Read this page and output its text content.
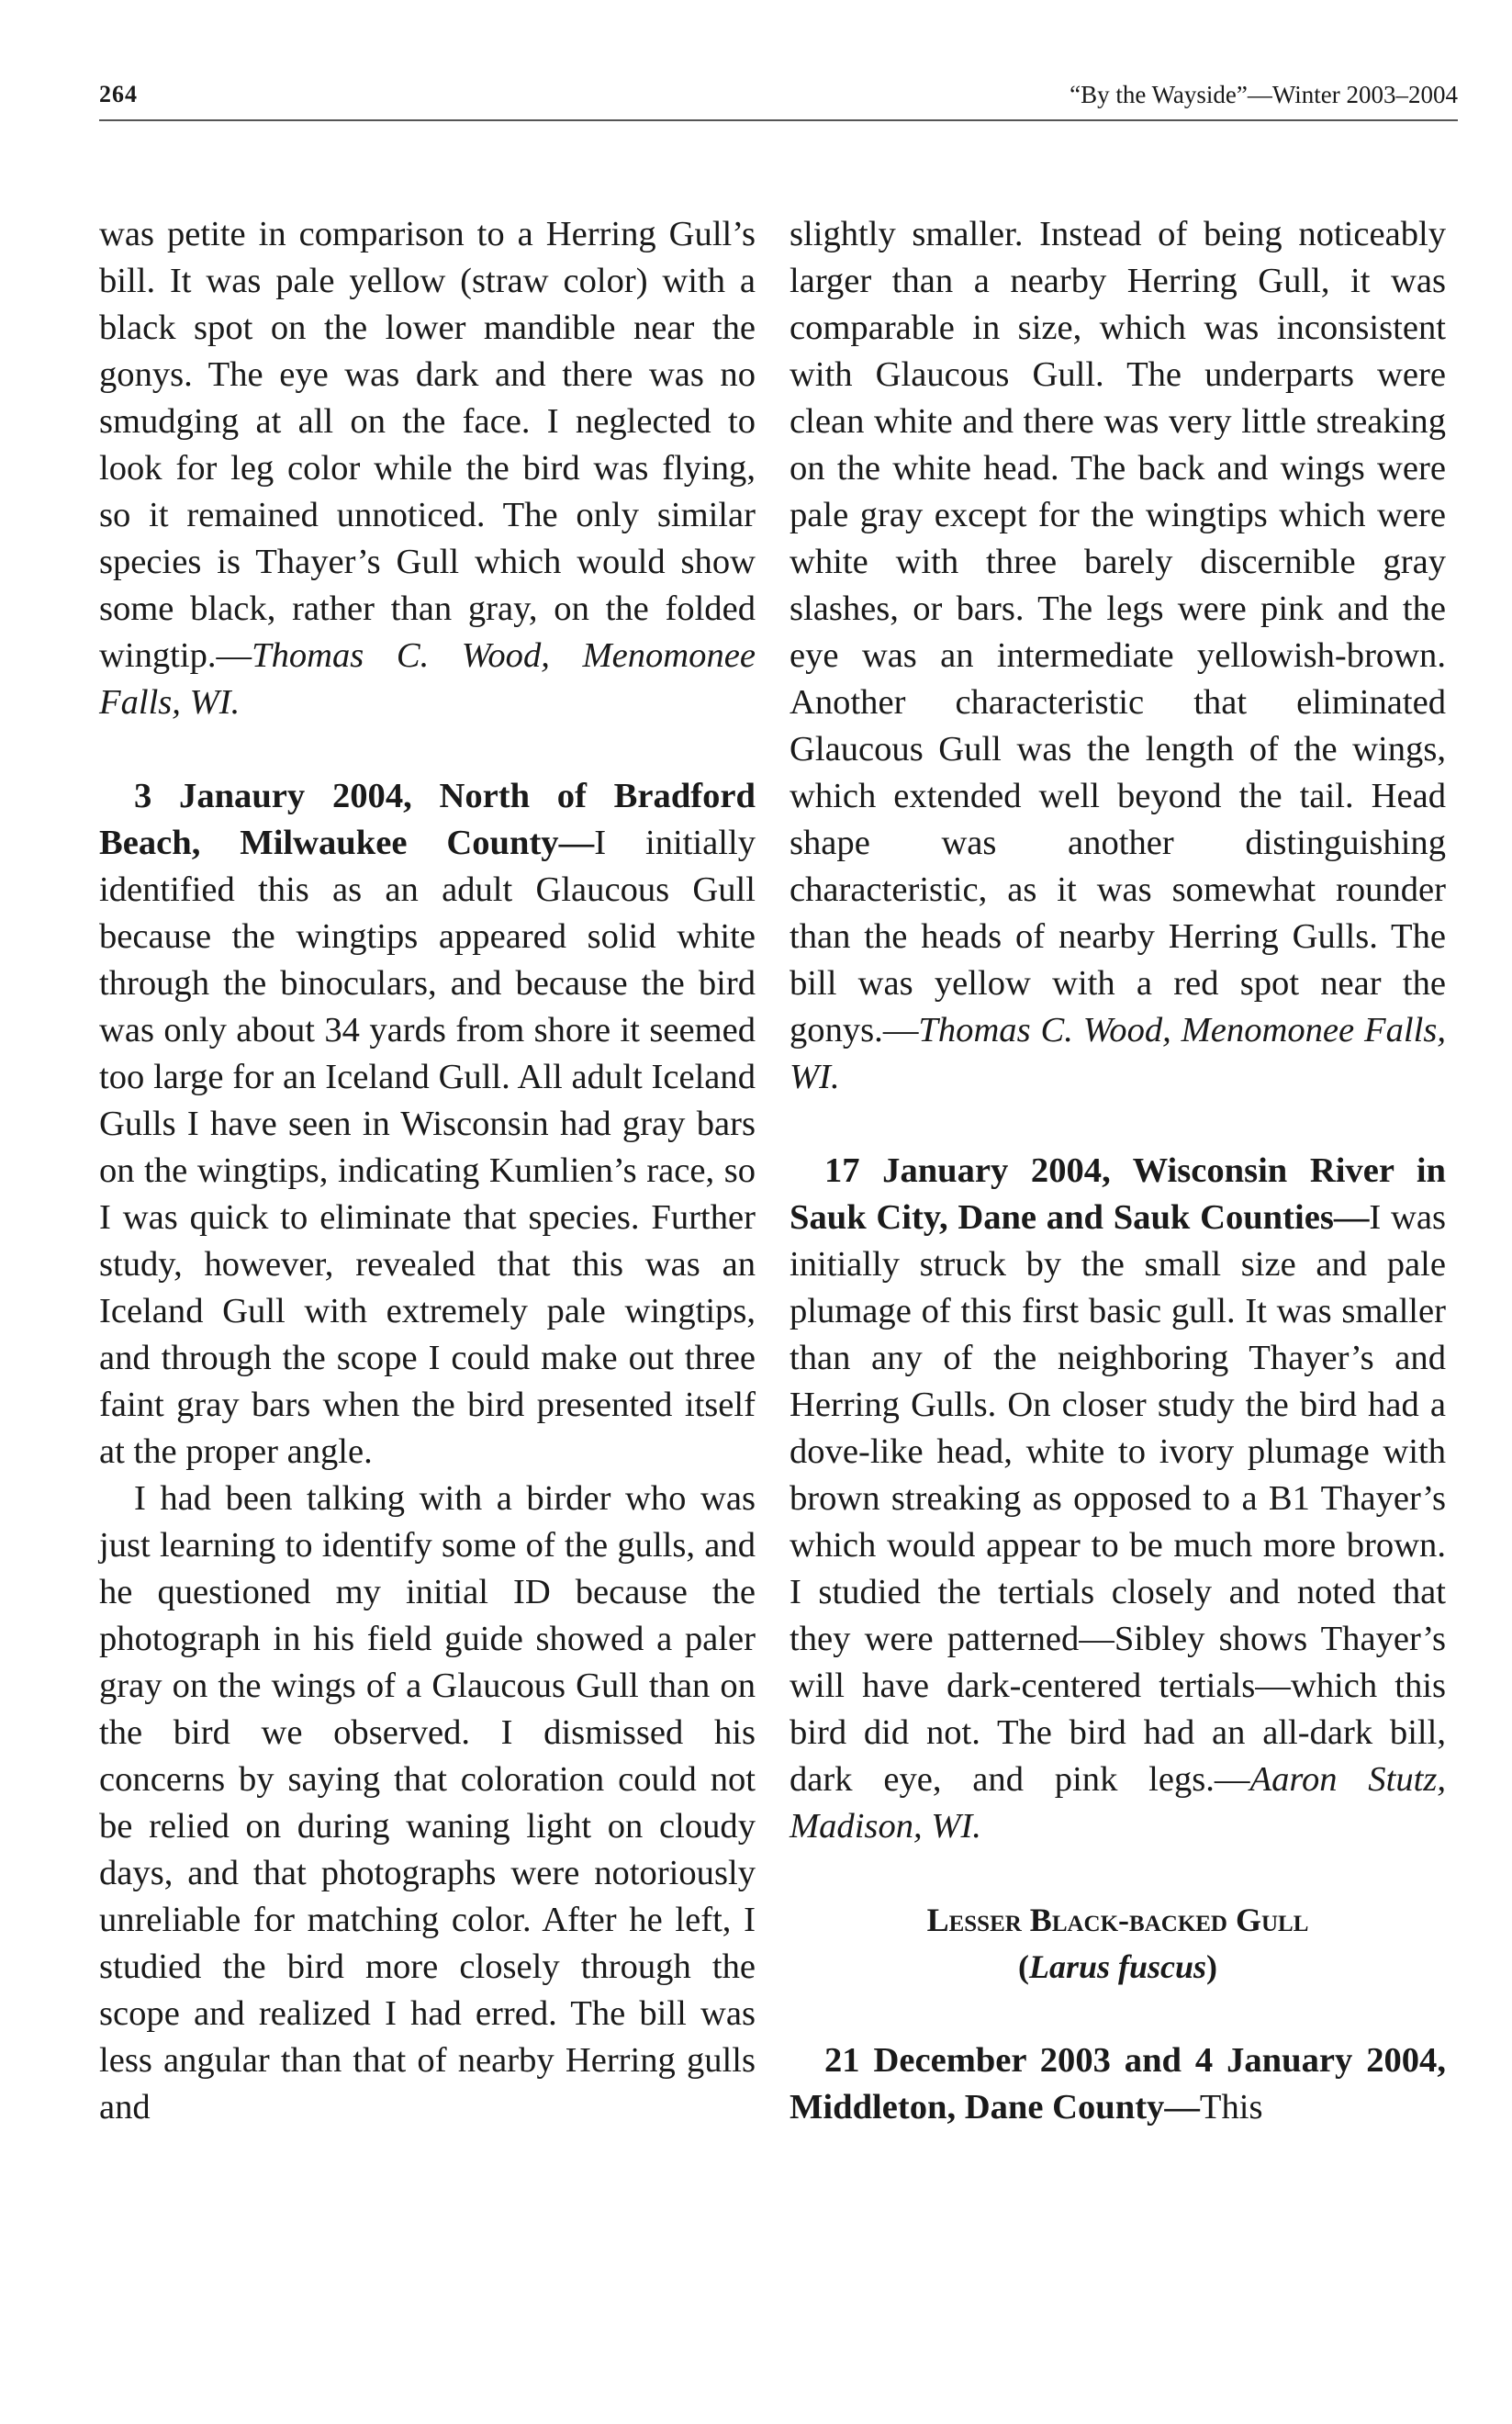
264	“By the Wayside”—Winter 2003–2004

was petite in comparison to a Herring Gull’s bill. It was pale yellow (straw color) with a black spot on the lower mandible near the gonys. The eye was dark and there was no smudging at all on the face. I neglected to look for leg color while the bird was flying, so it remained unnoticed. The only similar species is Thayer’s Gull which would show some black, rather than gray, on the folded wingtip.—Thomas C. Wood, Menomonee Falls, WI.

3 Janaury 2004, North of Bradford Beach, Milwaukee County—I initially identified this as an adult Glaucous Gull because the wingtips appeared solid white through the binoculars, and because the bird was only about 34 yards from shore it seemed too large for an Iceland Gull. All adult Iceland Gulls I have seen in Wisconsin had gray bars on the wingtips, indicating Kumlien’s race, so I was quick to eliminate that species. Further study, however, revealed that this was an Iceland Gull with extremely pale wingtips, and through the scope I could make out three faint gray bars when the bird presented itself at the proper angle.

I had been talking with a birder who was just learning to identify some of the gulls, and he questioned my initial ID because the photograph in his field guide showed a paler gray on the wings of a Glaucous Gull than on the bird we observed. I dismissed his concerns by saying that coloration could not be relied on during waning light on cloudy days, and that photographs were notoriously unreliable for matching color. After he left, I studied the bird more closely through the scope and realized I had erred. The bill was less angular than that of nearby Herring gulls and

slightly smaller. Instead of being noticeably larger than a nearby Herring Gull, it was comparable in size, which was inconsistent with Glaucous Gull. The underparts were clean white and there was very little streaking on the white head. The back and wings were pale gray except for the wingtips which were white with three barely discernible gray slashes, or bars. The legs were pink and the eye was an intermediate yellowish-brown. Another characteristic that eliminated Glaucous Gull was the length of the wings, which extended well beyond the tail. Head shape was another distinguishing characteristic, as it was somewhat rounder than the heads of nearby Herring Gulls. The bill was yellow with a red spot near the gonys.—Thomas C. Wood, Menomonee Falls, WI.

17 January 2004, Wisconsin River in Sauk City, Dane and Sauk Counties—I was initially struck by the small size and pale plumage of this first basic gull. It was smaller than any of the neighboring Thayer’s and Herring Gulls. On closer study the bird had a dove-like head, white to ivory plumage with brown streaking as opposed to a B1 Thayer’s which would appear to be much more brown. I studied the tertials closely and noted that they were patterned—Sibley shows Thayer’s will have dark-centered tertials—which this bird did not. The bird had an all-dark bill, dark eye, and pink legs.—Aaron Stutz, Madison, WI.

Lesser Black-backed Gull

(Larus fuscus)

21 December 2003 and 4 January 2004, Middleton, Dane County—This
